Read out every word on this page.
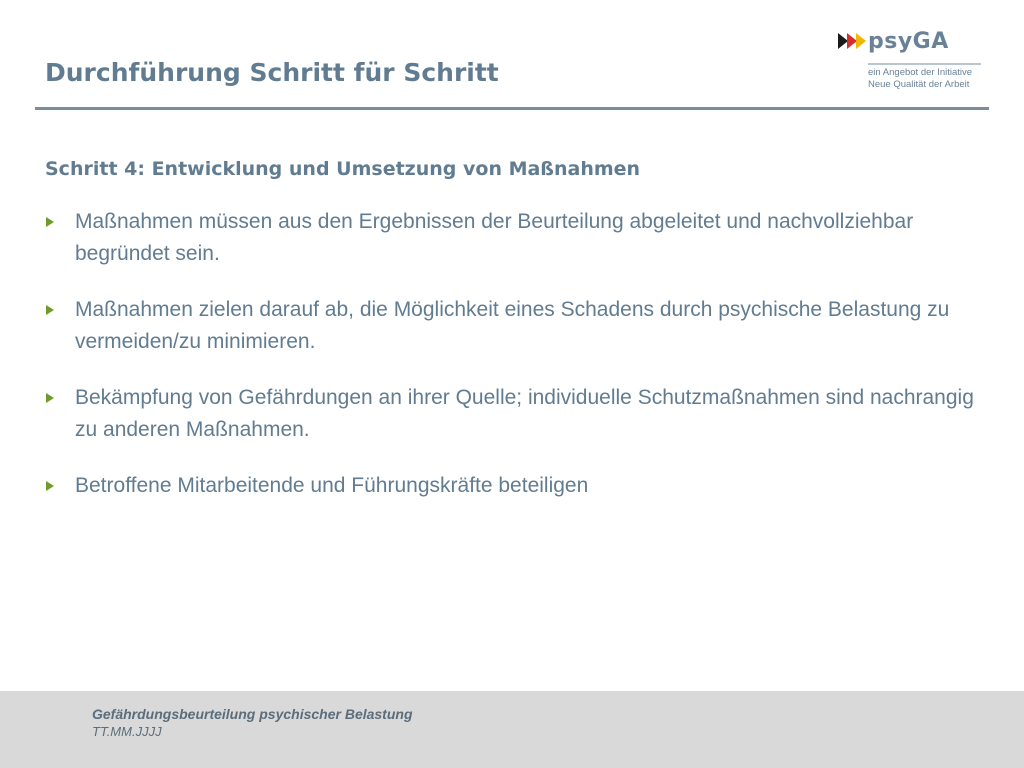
Durchführung Schritt für Schritt
psyGA
ein Angebot der Initiative
Neue Qualität der Arbeit
Schritt 4: Entwicklung und Umsetzung von Maßnahmen
Maßnahmen müssen aus den Ergebnissen der Beurteilung abgeleitet und nachvollziehbar begründet sein.
Maßnahmen zielen darauf ab, die Möglichkeit eines Schadens durch psychische Belastung zu vermeiden/zu minimieren.
Bekämpfung von Gefährdungen an ihrer Quelle; individuelle Schutzmaßnahmen sind nachrangig zu anderen Maßnahmen.
Betroffene Mitarbeitende und Führungskräfte beteiligen
Gefährdungsbeurteilung psychischer Belastung
TT.MM.JJJJ
